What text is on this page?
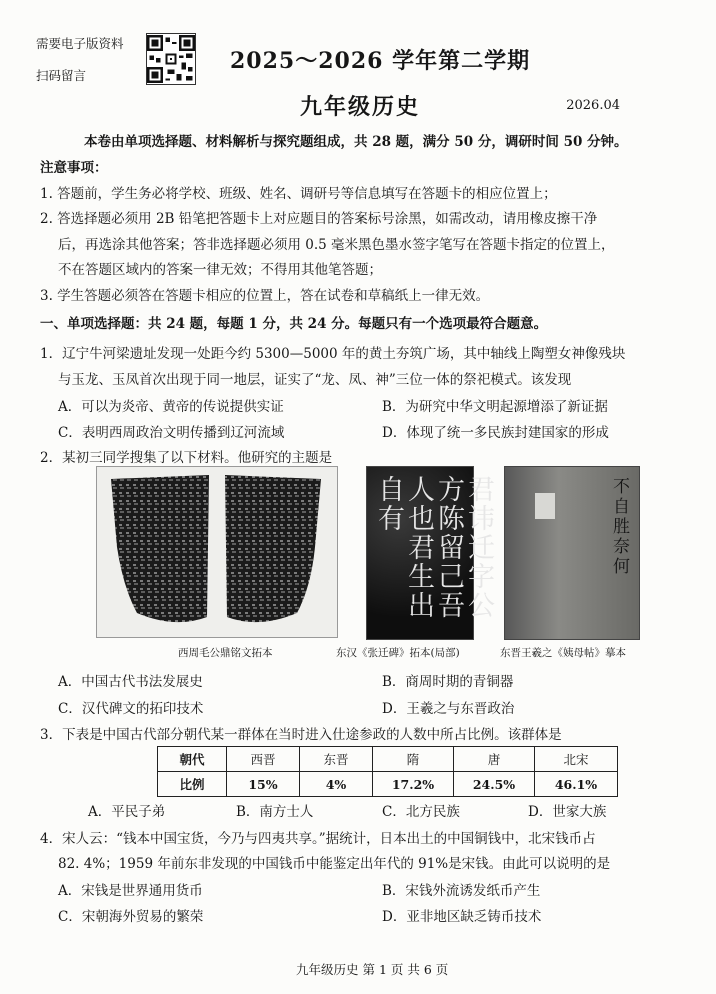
需要电子版资料
扫码留言
2025～2026 学年第二学期
九年级历史	2026.04
本卷由单项选择题、材料解析与探究题组成，共 28 题，满分 50 分，调研时间 50 分钟。
注意事项：
1. 答题前，学生务必将学校、班级、姓名、调研号等信息填写在答题卡的相应位置上；
2. 答选择题必须用 2B 铅笔把答题卡上对应题目的答案标号涂黑，如需改动，请用橡皮擦干净
后，再选涂其他答案；答非选择题必须用 0.5 毫米黑色墨水签字笔写在答题卡指定的位置上，
不在答题区域内的答案一律无效；不得用其他笔答题；
3. 学生答题必须答在答题卡相应的位置上，答在试卷和草稿纸上一律无效。
一、单项选择题：共 24 题，每题 1 分，共 24 分。每题只有一个选项最符合题意。
1．辽宁牛河梁遗址发现一处距今约 5300—5000 年的黄土夯筑广场，其中轴线上陶塑女神像残块
与玉龙、玉凤首次出现于同一地层，证实了“龙、凤、神”三位一体的祭祀模式。该发现
A．可以为炎帝、黄帝的传说提供实证	B．为研究中华文明起源增添了新证据
C．表明西周政治文明传播到辽河流域	D．体现了统一多民族封建国家的形成
2．某初三同学搜集了以下材料。他研究的主题是
君讳迁字公方陈留己吾人也君生出自有	不自胜奈何
西周毛公鼎铭文拓本	东汉《张迁碑》拓本(局部)	东晋王羲之《姨母帖》摹本
A．中国古代书法发展史	B．商周时期的青铜器
C．汉代碑文的拓印技术	D．王羲之与东晋政治
3．下表是中国古代部分朝代某一群体在当时进入仕途参政的人数中所占比例。该群体是
朝代	西晋	东晋	隋	唐	北宋
比例	15%	4%	17.2%	24.5%	46.1%
A．平民子弟	B．南方士人	C．北方民族	D．世家大族
4．宋人云：“钱本中国宝货，今乃与四夷共享。”据统计，日本出土的中国铜钱中，北宋钱币占
82. 4%；1959 年前东非发现的中国钱币中能鉴定出年代的 91%是宋钱。由此可以说明的是
A．宋钱是世界通用货币	B．宋钱外流诱发纸币产生
C．宋朝海外贸易的繁荣	D．亚非地区缺乏铸币技术
九年级历史 第 1 页 共 6 页
